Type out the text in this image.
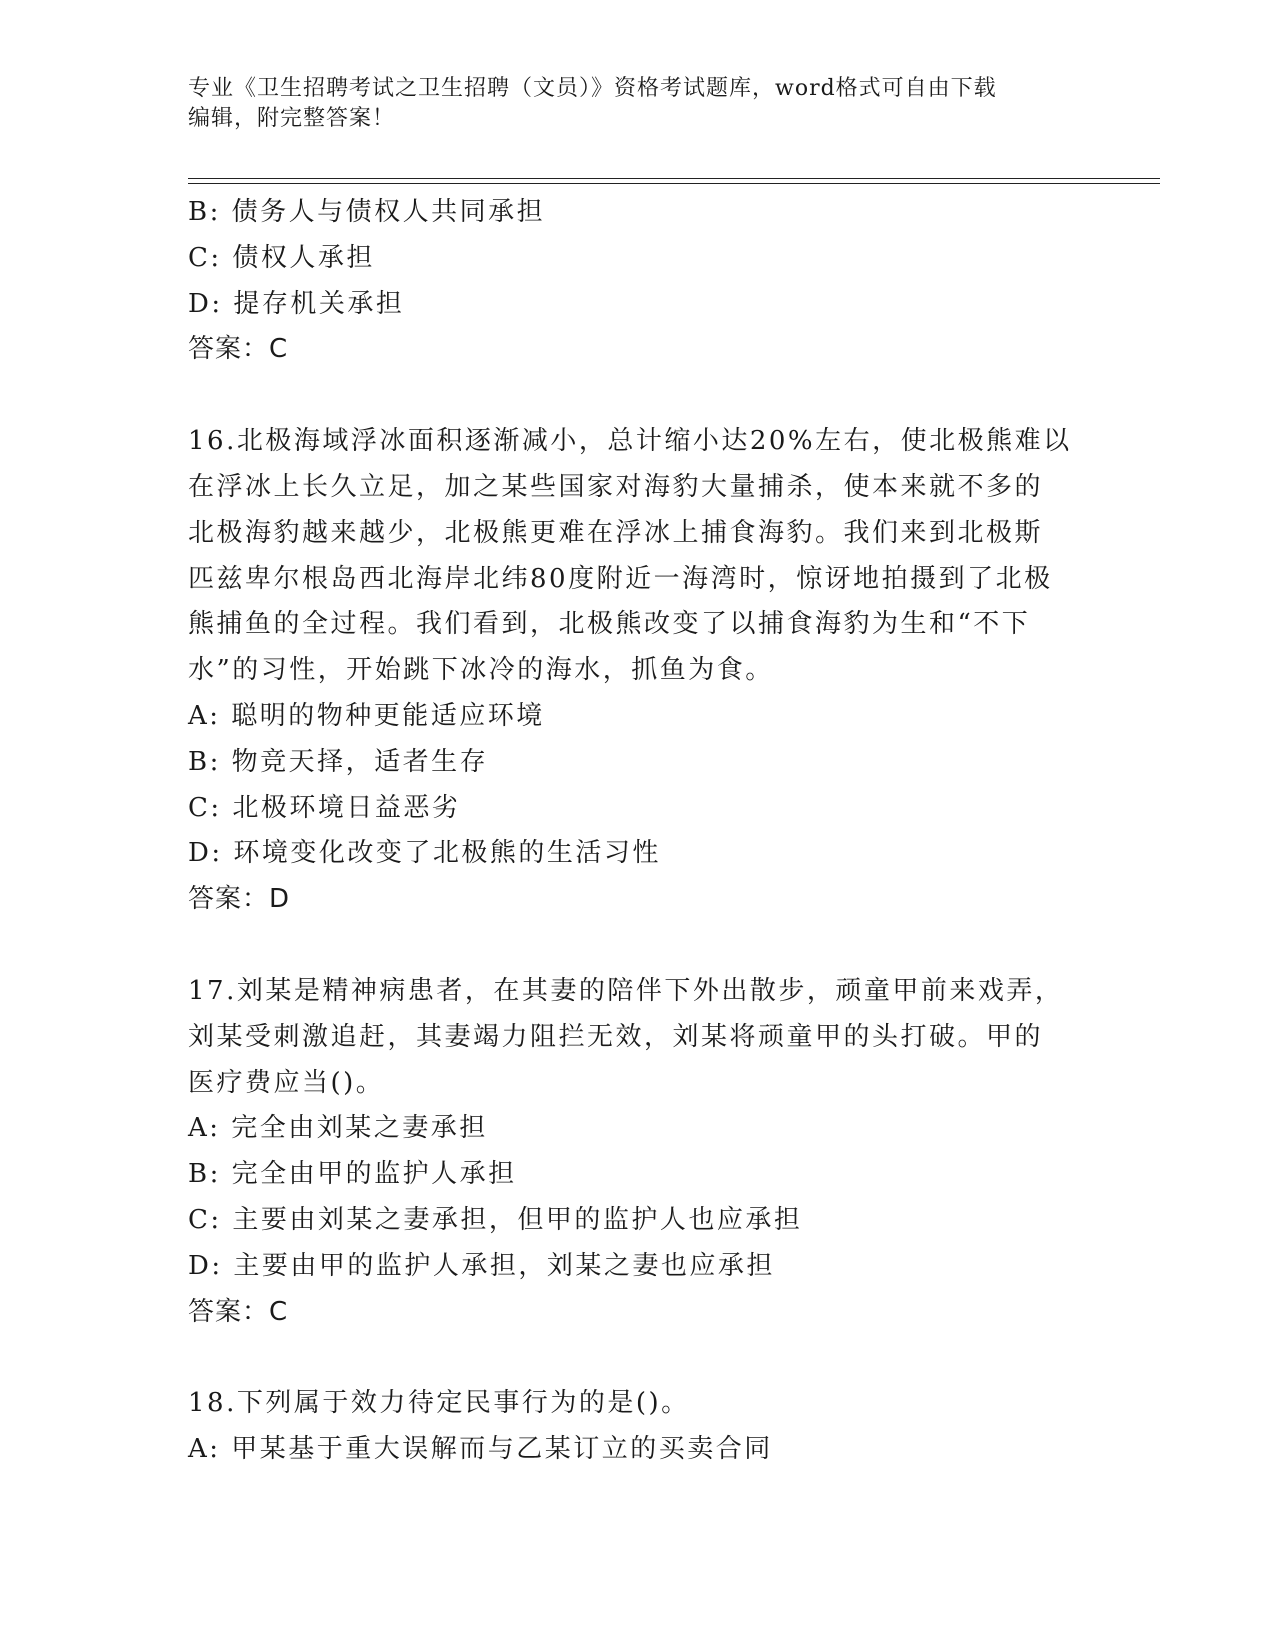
专业《卫生招聘考试之卫生招聘（文员）》资格考试题库，word格式可自由下载
编辑，附完整答案！
B: 债务人与债权人共同承担
C: 债权人承担
D: 提存机关承担
答案：C
16.北极海域浮冰面积逐渐减小，总计缩小达20%左右，使北极熊难以
在浮冰上长久立足，加之某些国家对海豹大量捕杀，使本来就不多的
北极海豹越来越少，北极熊更难在浮冰上捕食海豹。我们来到北极斯
匹兹卑尔根岛西北海岸北纬80度附近一海湾时，惊讶地拍摄到了北极
熊捕鱼的全过程。我们看到，北极熊改变了以捕食海豹为生和“不下
水”的习性，开始跳下冰冷的海水，抓鱼为食。
A: 聪明的物种更能适应环境
B: 物竞天择，适者生存
C: 北极环境日益恶劣
D: 环境变化改变了北极熊的生活习性
答案：D
17.刘某是精神病患者，在其妻的陪伴下外出散步，顽童甲前来戏弄，
刘某受刺激追赶，其妻竭力阻拦无效，刘某将顽童甲的头打破。甲的
医疗费应当()。
A: 完全由刘某之妻承担
B: 完全由甲的监护人承担
C: 主要由刘某之妻承担，但甲的监护人也应承担
D: 主要由甲的监护人承担，刘某之妻也应承担
答案：C
18.下列属于效力待定民事行为的是()。
A: 甲某基于重大误解而与乙某订立的买卖合同
